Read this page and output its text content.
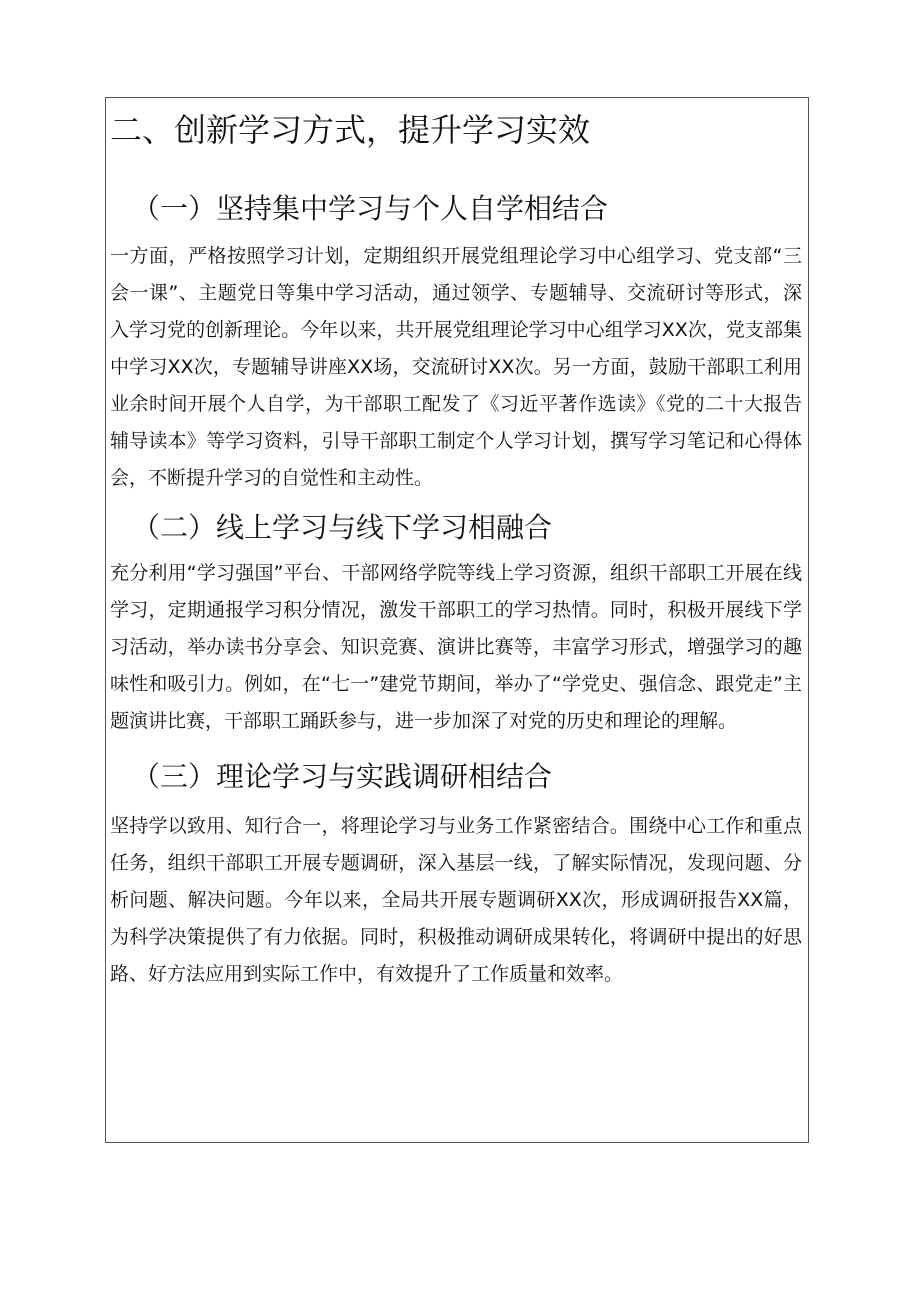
二、创新学习方式，提升学习实效
（一）坚持集中学习与个人自学相结合

一方面，严格按照学习计划，定期组织开展党组理论学习中心组学习、党支部“三会一课”、主题党日等集中学习活动，通过领学、专题辅导、交流研讨等形式，深入学习党的创新理论。今年以来，共开展党组理论学习中心组学习XX次，党支部集中学习XX次，专题辅导讲座XX场，交流研讨XX次。另一方面，鼓励干部职工利用业余时间开展个人自学，为干部职工配发了《习近平著作选读》《党的二十大报告辅导读本》等学习资料，引导干部职工制定个人学习计划，撰写学习笔记和心得体会，不断提升学习的自觉性和主动性。

（二）线上学习与线下学习相融合

充分利用“学习强国”平台、干部网络学院等线上学习资源，组织干部职工开展在线学习，定期通报学习积分情况，激发干部职工的学习热情。同时，积极开展线下学习活动，举办读书分享会、知识竞赛、演讲比赛等，丰富学习形式，增强学习的趣味性和吸引力。例如，在“七一”建党节期间，举办了“学党史、强信念、跟党走”主题演讲比赛，干部职工踊跃参与，进一步加深了对党的历史和理论的理解。

（三）理论学习与实践调研相结合

坚持学以致用、知行合一，将理论学习与业务工作紧密结合。围绕中心工作和重点任务，组织干部职工开展专题调研，深入基层一线，了解实际情况，发现问题、分析问题、解决问题。今年以来，全局共开展专题调研XX次，形成调研报告XX篇，为科学决策提供了有力依据。同时，积极推动调研成果转化，将调研中提出的好思路、好方法应用到实际工作中，有效提升了工作质量和效率。
